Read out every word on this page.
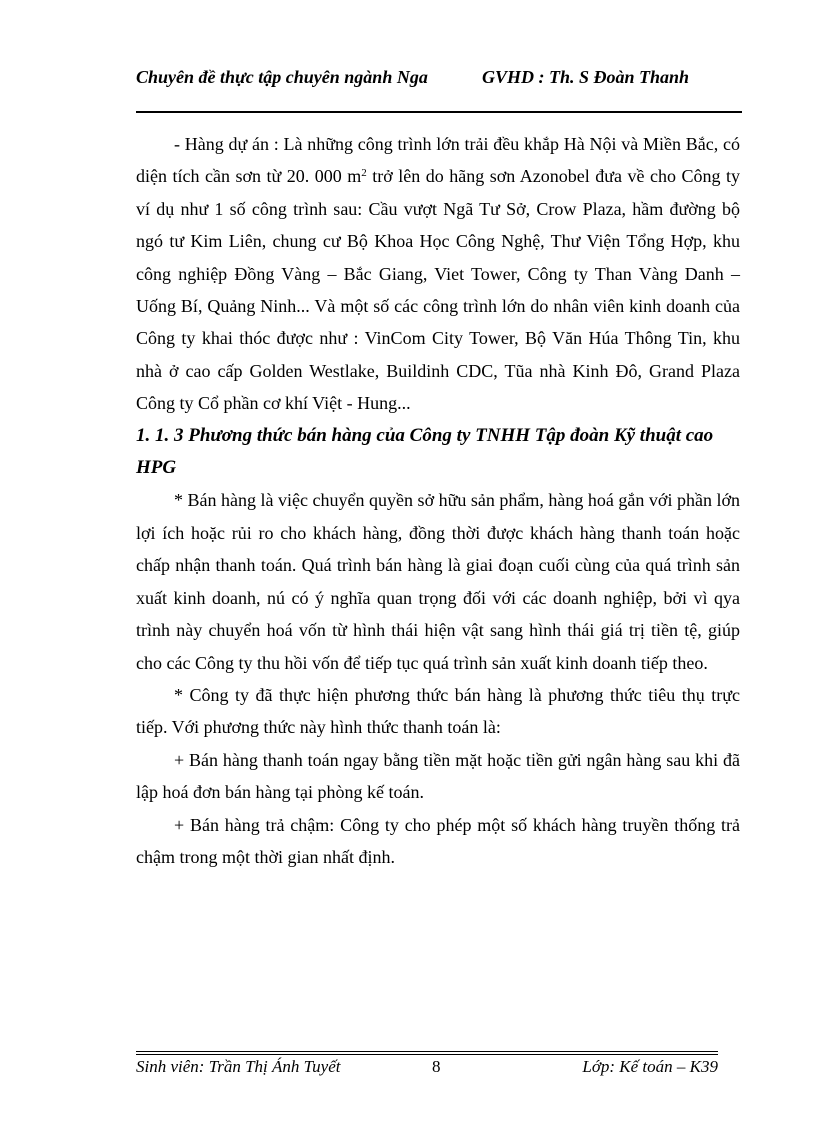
Chuyên đề thực tập chuyên ngành Nga	GVHD : Th. S Đoàn Thanh

- Hàng dự án : Là những công trình lớn trải đều khắp Hà Nội và Miền Bắc, có diện tích cần sơn từ 20. 000 $m^2$ trở lên do hãng sơn Azonobel đưa về cho Công ty ví dụ như 1 số công trình sau: Cầu vượt Ngã Tư Sở, Crow Plaza, hầm đường bộ ngó tư Kim Liên, chung cư Bộ Khoa Học Công Nghệ, Thư Viện Tổng Hợp, khu công nghiệp Đồng Vàng – Bắc Giang, Viet Tower, Công ty Than Vàng Danh – Uống Bí, Quảng Ninh... Và một số các công trình lớn do nhân viên kinh doanh của Công ty khai thóc được như : VinCom City Tower, Bộ Văn Húa Thông Tin, khu nhà ở cao cấp Golden Westlake, Buildinh CDC, Tũa nhà Kinh Đô, Grand Plaza Công ty Cổ phần cơ khí Việt - Hung...

1. 1. 3 Phương thức bán hàng của Công ty TNHH Tập đoàn Kỹ thuật cao HPG

* Bán hàng là việc chuyển quyền sở hữu sản phẩm, hàng hoá gắn với phần lớn lợi ích hoặc rủi ro cho khách hàng, đồng thời được khách hàng thanh toán hoặc chấp nhận thanh toán. Quá trình bán hàng là giai đoạn cuối cùng của quá trình sản xuất kinh doanh, nú có ý nghĩa quan trọng đối với các doanh nghiệp, bởi vì qya trình này chuyển hoá vốn từ hình thái hiện vật sang hình thái giá trị tiền tệ, giúp cho các Công ty thu hồi vốn để tiếp tục quá trình sản xuất kinh doanh tiếp theo.

* Công ty đã thực hiện phương thức bán hàng là phương thức tiêu thụ trực tiếp. Với phương thức này hình thức thanh toán là:

+ Bán hàng thanh toán ngay bằng tiền mặt hoặc tiền gửi ngân hàng sau khi đã lập hoá đơn bán hàng tại phòng kế toán.

+ Bán hàng trả chậm: Công ty cho phép một số khách hàng truyền thống trả chậm trong một thời gian nhất định.

Sinh viên: Trần Thị Ánh Tuyết	8	Lớp: Kế toán – K39
